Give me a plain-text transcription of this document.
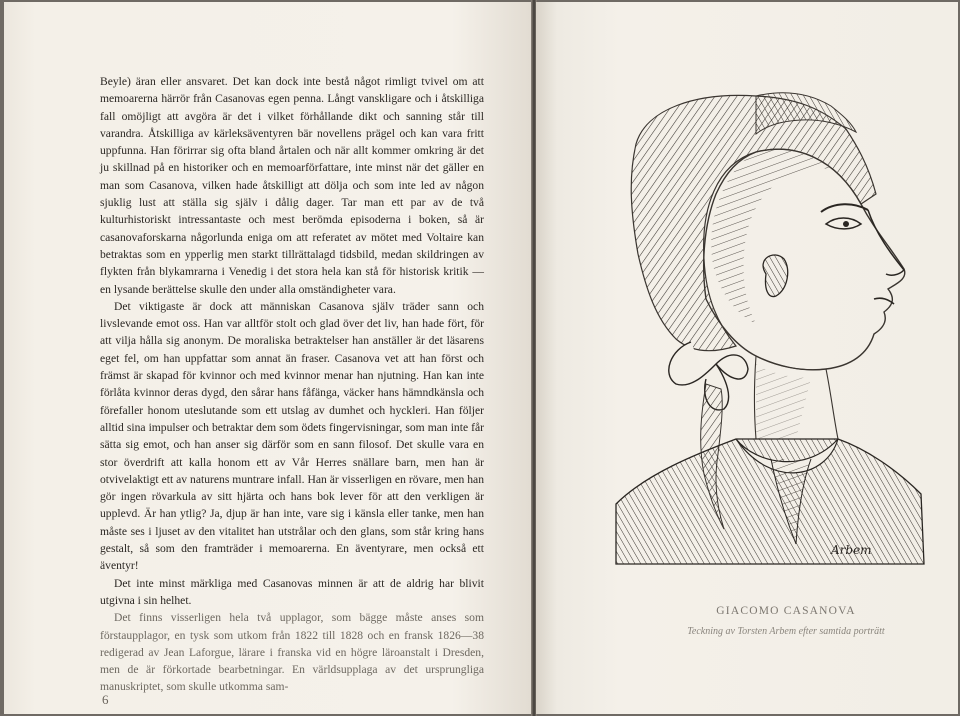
Beyle) äran eller ansvaret. Det kan dock inte bestå något rimligt tvivel om att memoarerna härrör från Casanovas egen penna. Långt vanskligare och i åtskilliga fall omöjligt att avgöra är det i vilket förhållande dikt och sanning står till varandra. Åtskilliga av kärleksäventyren bär novellens prägel och kan vara fritt uppfunna. Han förirrar sig ofta bland årtalen och när allt kommer omkring är det ju skillnad på en historiker och en memoarförfattare, inte minst när det gäller en man som Casanova, vilken hade åtskilligt att dölja och som inte led av någon sjuklig lust att ställa sig själv i dålig dager. Tar man ett par av de två kulturhistoriskt intressantaste och mest berömda episoderna i boken, så är casanovaforskarna någorlunda eniga om att referatet av mötet med Voltaire kan betraktas som en ypperlig men starkt tillrättalagd tidsbild, medan skildringen av flykten från blykamrarna i Venedig i det stora hela kan stå för historisk kritik — en lysande berättelse skulle den under alla omständigheter vara.

Det viktigaste är dock att människan Casanova själv träder sann och livslevande emot oss. Han var alltför stolt och glad över det liv, han hade fört, för att vilja hålla sig anonym. De moraliska betraktelser han anställer är det läsarens eget fel, om han uppfattar som annat än fraser. Casanova vet att han först och främst är skapad för kvinnor och med kvinnor menar han njutning. Han kan inte förlåta kvinnor deras dygd, den sårar hans fåfänga, väcker hans hämndkänsla och förefaller honom uteslutande som ett utslag av dumhet och hyckleri. Han följer alltid sina impulser och betraktar dem som ödets fingervisningar, som man inte får sätta sig emot, och han anser sig därför som en sann filosof. Det skulle vara en stor överdrift att kalla honom ett av Vår Herres snällare barn, men han är otvivelaktigt ett av naturens muntrare infall. Han är visserligen en rövare, men han gör ingen rövarkula av sitt hjärta och hans bok lever för att den verkligen är upplevd. Är han ytlig? Ja, djup är han inte, vare sig i känsla eller tanke, men han måste ses i ljuset av den vitalitet han utstrålar och den glans, som står kring hans gestalt, så som den framträder i memoarerna. En äventyrare, men också ett äventyr!

Det inte minst märkliga med Casanovas minnen är att de aldrig har blivit utgivna i sin helhet.

Det finns visserligen hela två upplagor, som bägge måste anses som förstaupplagor, en tysk som utkom från 1822 till 1828 och en fransk 1826—38 redigerad av Jean Laforgue, lärare i franska vid en högre läroanstalt i Dresden, men de är förkortade bearbetningar. En världsupplaga av det ursprungliga manuskriptet, som skulle utkomma sam-

6
Arbem
GIACOMO CASANOVA
Teckning av Torsten Arbem efter samtida porträtt
